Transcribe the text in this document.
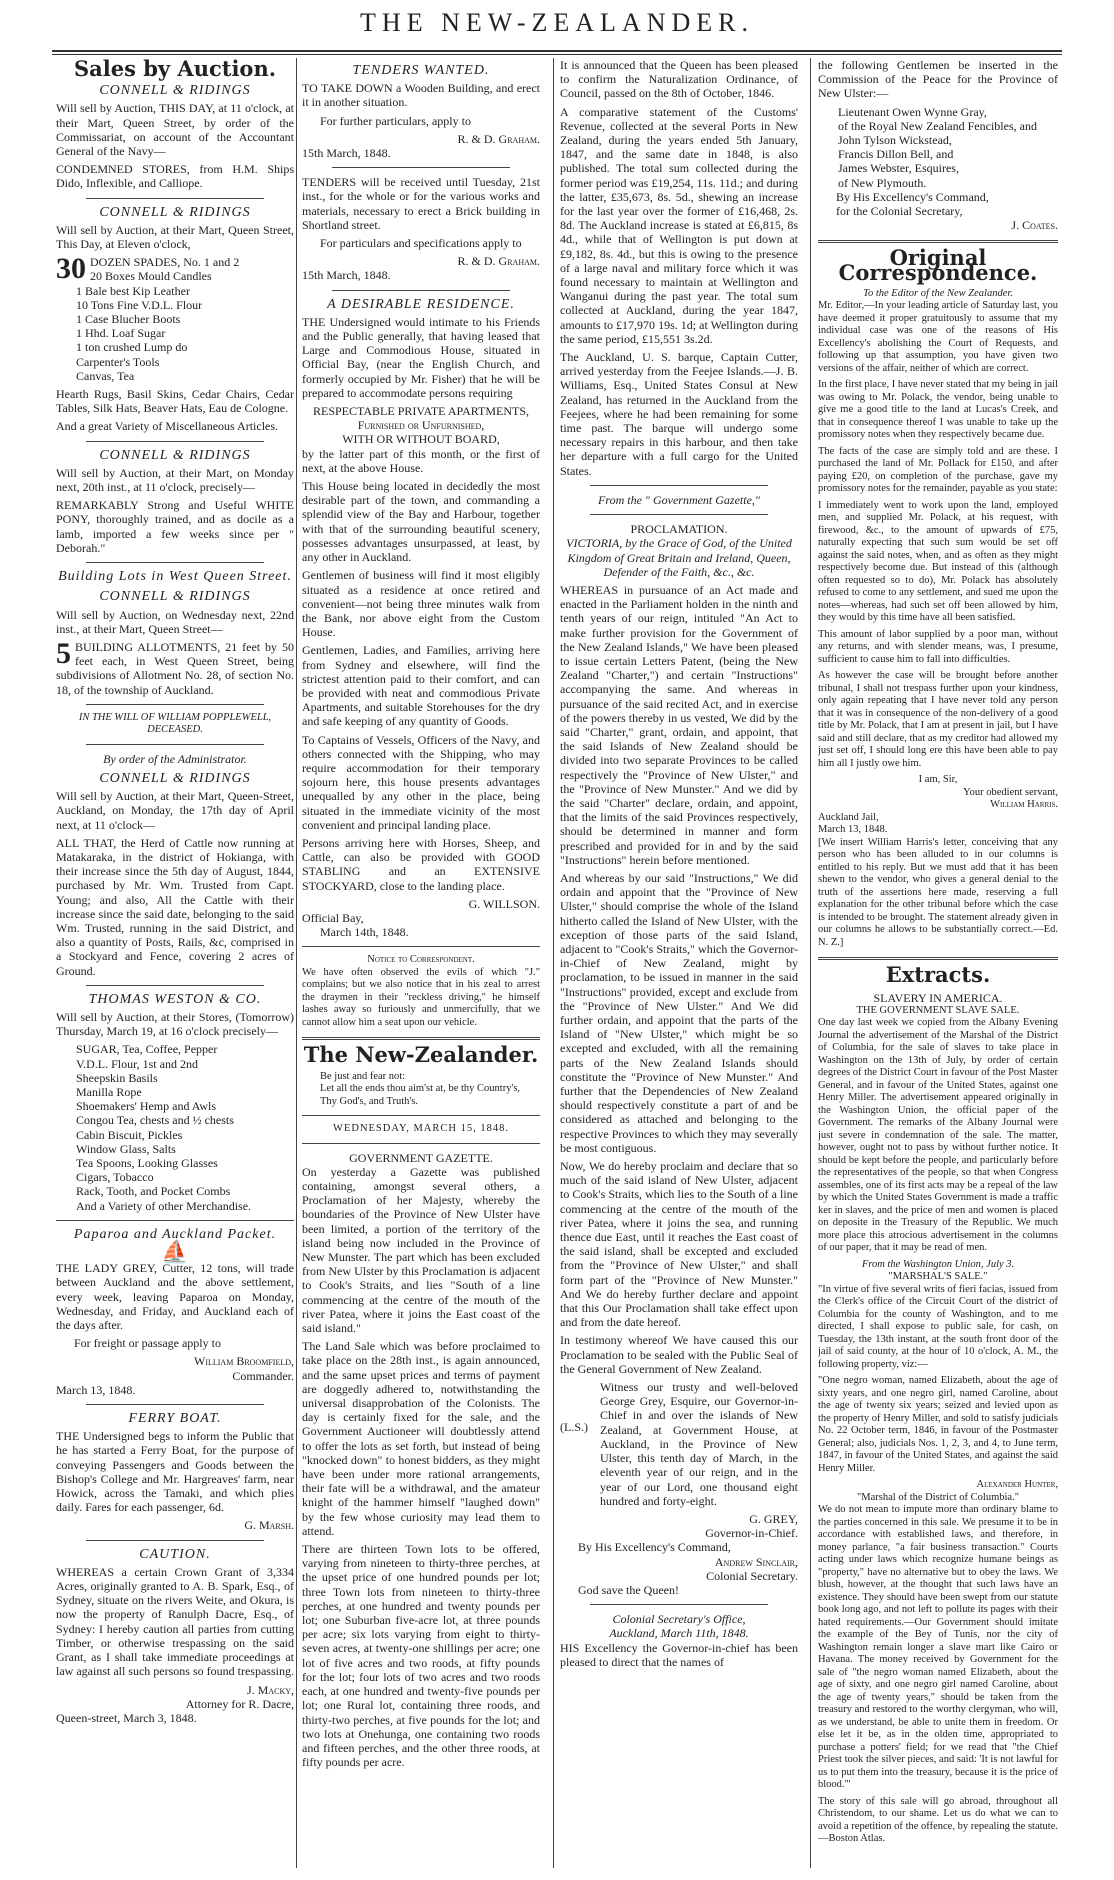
THE NEW-ZEALANDER.
Sales by Auction.
CONNELL & RIDINGS

Will sell by Auction, THIS DAY, at 11 o'clock, at their Mart, Queen Street, by order of the Commissariat, on account of the Accountant General of the Navy—

CONDEMNED STORES, from H.M. Ships Dido, Inflexible, and Calliope.

CONNELL & RIDINGS

Will sell by Auction, at their Mart, Queen Street, This Day, at Eleven o'clock,

30 DOZEN SPADES, No. 1 and 2
20 Boxes Mould Candles
1 Bale best Kip Leather
10 Tons Fine V.D.L. Flour
1 Case Blucher Boots
1 Hhd. Loaf Sugar
1 ton crushed Lump do
Carpenter's Tools
Canvas, Tea

Hearth Rugs, Basil Skins, Cedar Chairs, Cedar Tables, Silk Hats, Beaver Hats, Eau de Cologne.

And a great Variety of Miscellaneous Articles.

CONNELL & RIDINGS

Will sell by Auction, at their Mart, on Monday next, 20th inst., at 11 o'clock, precisely—

REMARKABLY Strong and Useful WHITE PONY, thoroughly trained, and as docile as a lamb, imported a few weeks since per " Deborah."

Building Lots in West Queen Street.
CONNELL & RIDINGS

Will sell by Auction, on Wednesday next, 22nd inst., at their Mart, Queen Street—

5 BUILDING ALLOTMENTS, 21 feet by 50 feet each, in West Queen Street, being subdivisions of Allotment No. 28, of section No. 18, of the township of Auckland.

IN THE WILL OF WILLIAM POPPLEWELL, DECEASED.
By order of the Administrator.
CONNELL & RIDINGS

Will sell by Auction, at their Mart, Queen-Street, Auckland, on Monday, the 17th day of April next, at 11 o'clock—

ALL THAT, the Herd of Cattle now running at Matakaraka, in the district of Hokianga, with their increase since the 5th day of August, 1844, purchased by Mr. Wm. Trusted from Capt. Young; and also, All the Cattle with their increase since the said date, belonging to the said Wm. Trusted, running in the said District, and also a quantity of Posts, Rails, &c, comprised in a Stockyard and Fence, covering 2 acres of Ground.

THOMAS WESTON & CO.

Will sell by Auction, at their Stores, (Tomorrow) Thursday, March 19, at 16 o'clock precisely—

SUGAR, Tea, Coffee, Pepper
V.D.L. Flour, 1st and 2nd
Sheepskin Basils
Manilla Rope
Shoemakers' Hemp and Awls
Congou Tea, chests and ½ chests
Cabin Biscuit, Pickles
Window Glass, Salts
Tea Spoons, Looking Glasses
Cigars, Tobacco
Rack, Tooth, and Pocket Combs
And a Variety of other Merchandise.
Paparoa and Auckland Packet.
⛵

THE LADY GREY, Cutter, 12 tons, will trade between Auckland and the above settlement, every week, leaving Paparoa on Monday, Wednesday, and Friday, and Auckland each of the days after.

For freight or passage apply to

William Broomfield,
Commander.
March 13, 1848.
FERRY BOAT.

THE Undersigned begs to inform the Public that he has started a Ferry Boat, for the purpose of conveying Passengers and Goods between the Bishop's College and Mr. Hargreaves' farm, near Howick, across the Tamaki, and which plies daily. Fares for each passenger, 6d.

G. Marsh.
CAUTION.

WHEREAS a certain Crown Grant of 3,334 Acres, originally granted to A. B. Spark, Esq., of Sydney, situate on the rivers Weite, and Okura, is now the property of Ranulph Dacre, Esq., of Sydney: I hereby caution all parties from cutting Timber, or otherwise trespassing on the said Grant, as I shall take immediate proceedings at law against all such persons so found trespassing.

J. Macky,
Attorney for R. Dacre,
Queen-street, March 3, 1848.
TENDERS WANTED.

TO TAKE DOWN a Wooden Building, and erect it in another situation.

For further particulars, apply to

R. & D. Graham.
15th March, 1848.

TENDERS will be received until Tuesday, 21st inst., for the whole or for the various works and materials, necessary to erect a Brick building in Shortland street.

For particulars and specifications apply to

R. & D. Graham.
15th March, 1848.
A DESIRABLE RESIDENCE.

THE Undersigned would intimate to his Friends and the Public generally, that having leased that Large and Commodious House, situated in Official Bay, (near the English Church, and formerly occupied by Mr. Fisher) that he will be prepared to accommodate persons requiring

RESPECTABLE PRIVATE APARTMENTS,
Furnished or Unfurnished,
WITH OR WITHOUT BOARD,

by the latter part of this month, or the first of next, at the above House.

This House being located in decidedly the most desirable part of the town, and commanding a splendid view of the Bay and Harbour, together with that of the surrounding beautiful scenery, possesses advantages unsurpassed, at least, by any other in Auckland.

Gentlemen of business will find it most eligibly situated as a residence at once retired and convenient—not being three minutes walk from the Bank, nor above eight from the Custom House.

Gentlemen, Ladies, and Families, arriving here from Sydney and elsewhere, will find the strictest attention paid to their comfort, and can be provided with neat and commodious Private Apartments, and suitable Storehouses for the dry and safe keeping of any quantity of Goods.

To Captains of Vessels, Officers of the Navy, and others connected with the Shipping, who may require accommodation for their temporary sojourn here, this house presents advantages unequalled by any other in the place, being situated in the immediate vicinity of the most convenient and principal landing place.

Persons arriving here with Horses, Sheep, and Cattle, can also be provided with GOOD STABLING and an EXTENSIVE STOCKYARD, close to the landing place.

G. WILLSON.
Official Bay,
March 14th, 1848.
Notice to Correspondent.

We have often observed the evils of which "J." complains; but we also notice that in his zeal to arrest the draymen in their "reckless driving," he himself lashes away so furiously and unmercifully, that we cannot allow him a seat upon our vehicle.

The New-Zealander.
Be just and fear not:
Let all the ends thou aim'st at, be thy Country's,
Thy God's, and Truth's.
WEDNESDAY, MARCH 15, 1848.
GOVERNMENT GAZETTE.

On yesterday a Gazette was published containing, amongst several others, a Proclamation of her Majesty, whereby the boundaries of the Province of New Ulster have been limited, a portion of the territory of the island being now included in the Province of New Munster. The part which has been excluded from New Ulster by this Proclamation is adjacent to Cook's Straits, and lies "South of a line commencing at the centre of the mouth of the river Patea, where it joins the East coast of the said island."

The Land Sale which was before proclaimed to take place on the 28th inst., is again announced, and the same upset prices and terms of payment are doggedly adhered to, notwithstanding the universal disapprobation of the Colonists. The day is certainly fixed for the sale, and the Government Auctioneer will doubtlessly attend to offer the lots as set forth, but instead of being "knocked down" to honest bidders, as they might have been under more rational arrangements, their fate will be a withdrawal, and the amateur knight of the hammer himself "laughed down" by the few whose curiosity may lead them to attend.

There are thirteen Town lots to be offered, varying from nineteen to thirty-three perches, at the upset price of one hundred pounds per lot; three Town lots from nineteen to thirty-three perches, at one hundred and twenty pounds per lot; one Suburban five-acre lot, at three pounds per acre; six lots varying from eight to thirty-seven acres, at twenty-one shillings per acre; one lot of five acres and two roods, at fifty pounds for the lot; four lots of two acres and two roods each, at one hundred and twenty-five pounds per lot; one Rural lot, containing three roods, and thirty-two perches, at five pounds for the lot; and two lots at Onehunga, one containing two roods and fifteen perches, and the other three roods, at fifty pounds per acre.

It is announced that the Queen has been pleased to confirm the Naturalization Ordinance, of Council, passed on the 8th of October, 1846.

A comparative statement of the Customs' Revenue, collected at the several Ports in New Zealand, during the years ended 5th January, 1847, and the same date in 1848, is also published. The total sum collected during the former period was £19,254, 11s. 11d.; and during the latter, £35,673, 8s. 5d., shewing an increase for the last year over the former of £16,468, 2s. 8d. The Auckland increase is stated at £6,815, 8s 4d., while that of Wellington is put down at £9,182, 8s. 4d., but this is owing to the presence of a large naval and military force which it was found necessary to maintain at Wellington and Wanganui during the past year. The total sum collected at Auckland, during the year 1847, amounts to £17,970 19s. 1d; at Wellington during the same period, £15,551 3s.2d.

The Auckland, U. S. barque, Captain Cutter, arrived yesterday from the Feejee Islands.—J. B. Williams, Esq., United States Consul at New Zealand, has returned in the Auckland from the Feejees, where he had been remaining for some time past. The barque will undergo some necessary repairs in this harbour, and then take her departure with a full cargo for the United States.

From the " Government Gazette,"
PROCLAMATION.

VICTORIA, by the Grace of God, of the United Kingdom of Great Britain and Ireland, Queen, Defender of the Faith, &c., &c.

WHEREAS in pursuance of an Act made and enacted in the Parliament holden in the ninth and tenth years of our reign, intituled "An Act to make further provision for the Government of the New Zealand Islands," We have been pleased to issue certain Letters Patent, (being the New Zealand "Charter,") and certain "Instructions" accompanying the same. And whereas in pursuance of the said recited Act, and in exercise of the powers thereby in us vested, We did by the said "Charter," grant, ordain, and appoint, that the said Islands of New Zealand should be divided into two separate Provinces to be called respectively the "Province of New Ulster," and the "Province of New Munster." And we did by the said "Charter" declare, ordain, and appoint, that the limits of the said Provinces respectively, should be determined in manner and form prescribed and provided for in and by the said "Instructions" herein before mentioned.

And whereas by our said "Instructions," We did ordain and appoint that the "Province of New Ulster," should comprise the whole of the Island hitherto called the Island of New Ulster, with the exception of those parts of the said Island, adjacent to "Cook's Straits," which the Governor-in-Chief of New Zealand, might by proclamation, to be issued in manner in the said "Instructions" provided, except and exclude from the "Province of New Ulster." And We did further ordain, and appoint that the parts of the Island of "New Ulster," which might be so excepted and excluded, with all the remaining parts of the New Zealand Islands should constitute the "Province of New Munster." And further that the Dependencies of New Zealand should respectively constitute a part of and be considered as attached and belonging to the respective Provinces to which they may severally be most contiguous.

Now, We do hereby proclaim and declare that so much of the said island of New Ulster, adjacent to Cook's Straits, which lies to the South of a line commencing at the centre of the mouth of the river Patea, where it joins the sea, and running thence due East, until it reaches the East coast of the said island, shall be excepted and excluded from the "Province of New Ulster," and shall form part of the "Province of New Munster." And We do hereby further declare and appoint that this Our Proclamation shall take effect upon and from the date hereof.

In testimony whereof We have caused this our Proclamation to be sealed with the Public Seal of the General Government of New Zealand.

(L.S.)

Witness our trusty and well-beloved George Grey, Esquire, our Governor-in-Chief in and over the islands of New Zealand, at Government House, at Auckland, in the Province of New Ulster, this tenth day of March, in the eleventh year of our reign, and in the year of our Lord, one thousand eight hundred and forty-eight.

G. GREY,
Governor-in-Chief.
By His Excellency's Command,
Andrew Sinclair,
Colonial Secretary.
God save the Queen!
Colonial Secretary's Office,
Auckland, March 11th, 1848.

HIS Excellency the Governor-in-chief has been pleased to direct that the names of

the following Gentlemen be inserted in the Commission of the Peace for the Province of New Ulster:—

Lieutenant Owen Wynne Gray,
of the Royal New Zealand Fencibles, and
John Tylson Wickstead,
Francis Dillon Bell, and
James Webster, Esquires,
of New Plymouth.
By His Excellency's Command,
for the Colonial Secretary,
J. Coates.
Original Correspondence.
To the Editor of the New Zealander.

Mr. Editor,—In your leading article of Saturday last, you have deemed it proper gratuitously to assume that my individual case was one of the reasons of His Excellency's abolishing the Court of Requests, and following up that assumption, you have given two versions of the affair, neither of which are correct.

In the first place, I have never stated that my being in jail was owing to Mr. Polack, the vendor, being unable to give me a good title to the land at Lucas's Creek, and that in consequence thereof I was unable to take up the promissory notes when they respectively became due.

The facts of the case are simply told and are these. I purchased the land of Mr. Pollack for £150, and after paying £20, on completion of the purchase, gave my promissory notes for the remainder, payable as you state:

I immediately went to work upon the land, employed men, and supplied Mr. Polack, at his request, with firewood, &c., to the amount of upwards of £75, naturally expecting that such sum would be set off against the said notes, when, and as often as they might respectively become due. But instead of this (although often requested so to do), Mr. Polack has absolutely refused to come to any settlement, and sued me upon the notes—whereas, had such set off been allowed by him, they would by this time have all been satisfied.

This amount of labor supplied by a poor man, without any returns, and with slender means, was, I presume, sufficient to cause him to fall into difficulties.

As however the case will be brought before another tribunal, I shall not trespass further upon your kindness, only again repeating that I have never told any person that it was in consequence of the non-delivery of a good title by Mr. Polack, that I am at present in jail, but I have said and still declare, that as my creditor had allowed my just set off, I should long ere this have been able to pay him all I justly owe him.

I am, Sir,
Your obedient servant,
William Harris.
Auckland Jail,
March 13, 1848.

[We insert William Harris's letter, conceiving that any person who has been alluded to in our columns is entitled to his reply. But we must add that it has been shewn to the vendor, who gives a general denial to the truth of the assertions here made, reserving a full explanation for the other tribunal before which the case is intended to be brought. The statement already given in our columns he allows to be substantially correct.—Ed. N. Z.]

Extracts.
SLAVERY IN AMERICA.
THE GOVERNMENT SLAVE SALE.

One day last week we copied from the Albany Evening Journal the advertisement of the Marshal of the District of Columbia, for the sale of slaves to take place in Washington on the 13th of July, by order of certain degrees of the District Court in favour of the Post Master General, and in favour of the United States, against one Henry Miller. The advertisement appeared originally in the Washington Union, the official paper of the Government. The remarks of the Albany Journal were just severe in condemnation of the sale. The matter, however, ought not to pass by without further notice. It should be kept before the people, and particularly before the representatives of the people, so that when Congress assembles, one of its first acts may be a repeal of the law by which the United States Government is made a traffic ker in slaves, and the price of men and women is placed on deposite in the Treasury of the Republic. We much more place this atrocious advertisement in the columns of our paper, that it may be read of men.

From the Washington Union, July 3.
"MARSHAL'S SALE."

"In virtue of five several writs of fieri facias, issued from the Clerk's office of the Circuit Court of the district of Columbia for the county of Washington, and to me directed, I shall expose to public sale, for cash, on Tuesday, the 13th instant, at the south front door of the jail of said county, at the hour of 10 o'clock, A. M., the following property, viz:—

"One negro woman, named Elizabeth, about the age of sixty years, and one negro girl, named Caroline, about the age of twenty six years; seized and levied upon as the property of Henry Miller, and sold to satisfy judicials No. 22 October term, 1846, in favour of the Postmaster General; also, judicials Nos. 1, 2, 3, and 4, to June term, 1847, in favour of the United States, and against the said Henry Miller.

Alexander Hunter,
"Marshal of the District of Columbia."

We do not mean to impute more than ordinary blame to the parties concerned in this sale. We presume it to be in accordance with established laws, and therefore, in money parlance, "a fair business transaction." Courts acting under laws which recognize humane beings as "property," have no alternative but to obey the laws. We blush, however, at the thought that such laws have an existence. They should have been swept from our statute book long ago, and not left to pollute its pages with their hated requirements.—Our Government should imitate the example of the Bey of Tunis, nor the city of Washington remain longer a slave mart like Cairo or Havana. The money received by Government for the sale of "the negro woman named Elizabeth, about the age of sixty, and one negro girl named Caroline, about the age of twenty years," should be taken from the treasury and restored to the worthy clergyman, who will, as we understand, be able to unite them in freedom. Or else let it be, as in the olden time, appropriated to purchase a potters' field; for we read that "the Chief Priest took the silver pieces, and said: 'It is not lawful for us to put them into the treasury, because it is the price of blood.'"

The story of this sale will go abroad, throughout all Christendom, to our shame. Let us do what we can to avoid a repetition of the offence, by repealing the statute.—Boston Atlas.
